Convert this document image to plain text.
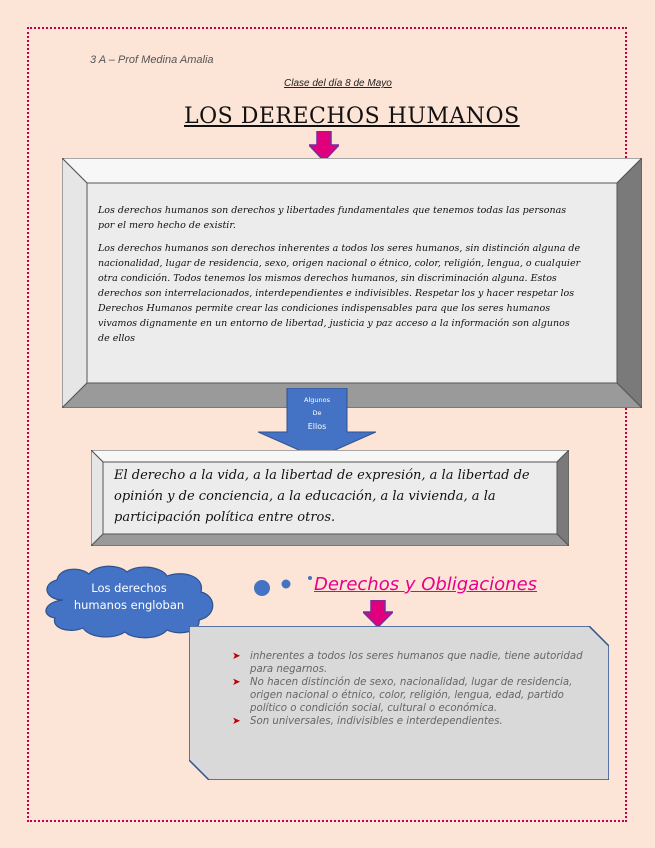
3 A – Prof Medina Amalia
Clase del día 8 de Mayo
LOS DERECHOS HUMANOS

Los derechos humanos son derechos y libertades fundamentales que tenemos todas las personas por el mero hecho de existir.

Los derechos humanos son derechos inherentes a todos los seres humanos, sin distinción alguna de nacionalidad, lugar de residencia, sexo, origen nacional o étnico, color, religión, lengua, o cualquier otra condición. Todos tenemos los mismos derechos humanos, sin discriminación alguna. Estos derechos son interrelacionados, interdependientes e indivisibles. Respetar los y hacer respetar los Derechos Humanos permite crear las condiciones indispensables para que los seres humanos vivamos dignamente en un entorno de libertad, justicia y paz acceso a la información son algunos de ellos

Algunos
De
Ellos
El derecho a la vida, a la libertad de expresión, a la libertad de opinión y de conciencia, a la educación, a la vivienda, a la participación política entre otros.
Los derechos humanos engloban
Derechos y Obligaciones
➤ inherentes a todos los seres humanos que nadie, tiene autoridad para negarnos.
➤ No hacen distinción de sexo, nacionalidad, lugar de residencia, origen nacional o étnico, color, religión, lengua, edad, partido político o condición social, cultural o económica.
➤ Son universales, indivisibles e interdependientes.
